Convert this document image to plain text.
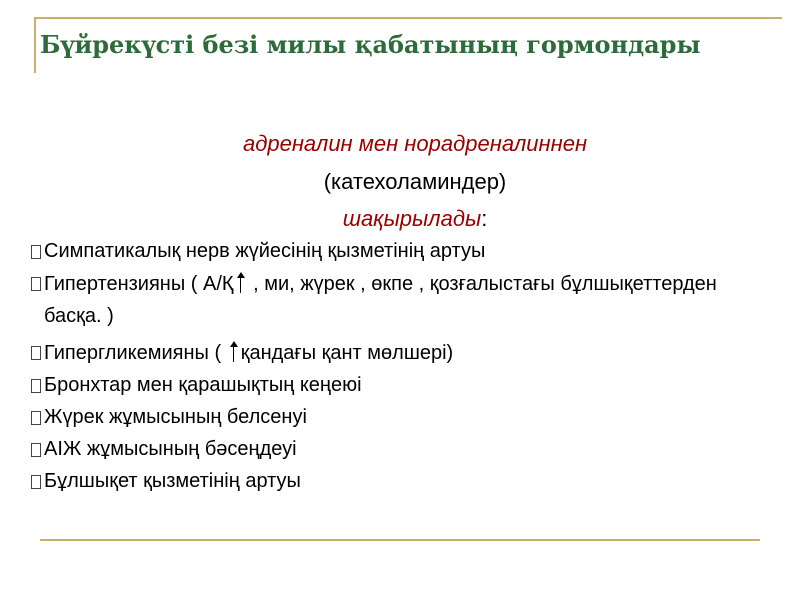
Бүйрекүсті безі милы қабатының гормондары
адреналин мен норадреналиннен
(катехоламиндер)
шақырылады:
Симпатикалық нерв жүйесінің қызметінің артуы
Гипертензияны ( А/Қ , ми, жүрек , өкпе , қозғалыстағы бұлшықеттерден басқа. )
Гипергликемияны ( қандағы қант мөлшері)
Бронхтар мен қарашықтың кеңеюі
Жүрек жұмысының белсенуі
АІЖ жұмысының бәсеңдеуі
Бұлшықет қызметінің артуы
